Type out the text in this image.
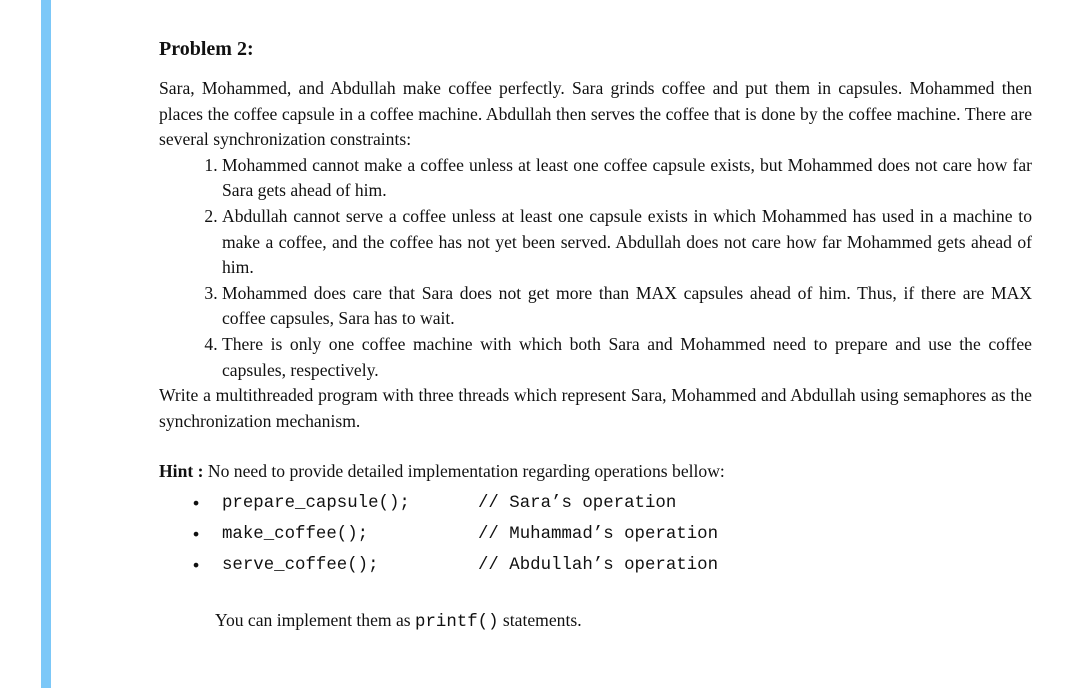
Problem 2:

Sara, Mohammed, and Abdullah make coffee perfectly. Sara grinds coffee and put them in capsules. Mohammed then places the coffee capsule in a coffee machine. Abdullah then serves the coffee that is done by the coffee machine. There are several synchronization constraints:

1. Mohammed cannot make a coffee unless at least one coffee capsule exists, but Mohammed does not care how far Sara gets ahead of him.
2. Abdullah cannot serve a coffee unless at least one capsule exists in which Mohammed has used in a machine to make a coffee, and the coffee has not yet been served. Abdullah does not care how far Mohammed gets ahead of him.
3. Mohammed does care that Sara does not get more than MAX capsules ahead of him. Thus, if there are MAX coffee capsules, Sara has to wait.
4. There is only one coffee machine with which both Sara and Mohammed need to prepare and use the coffee capsules, respectively.

Write a multithreaded program with three threads which represent Sara, Mohammed and Abdullah using semaphores as the synchronization mechanism.

Hint : No need to provide detailed implementation regarding operations bellow:

• prepare_capsule();	// Sara’s operation
• make_coffee();	// Muhammad’s operation
• serve_coffee();	// Abdullah’s operation

You can implement them as printf() statements.
